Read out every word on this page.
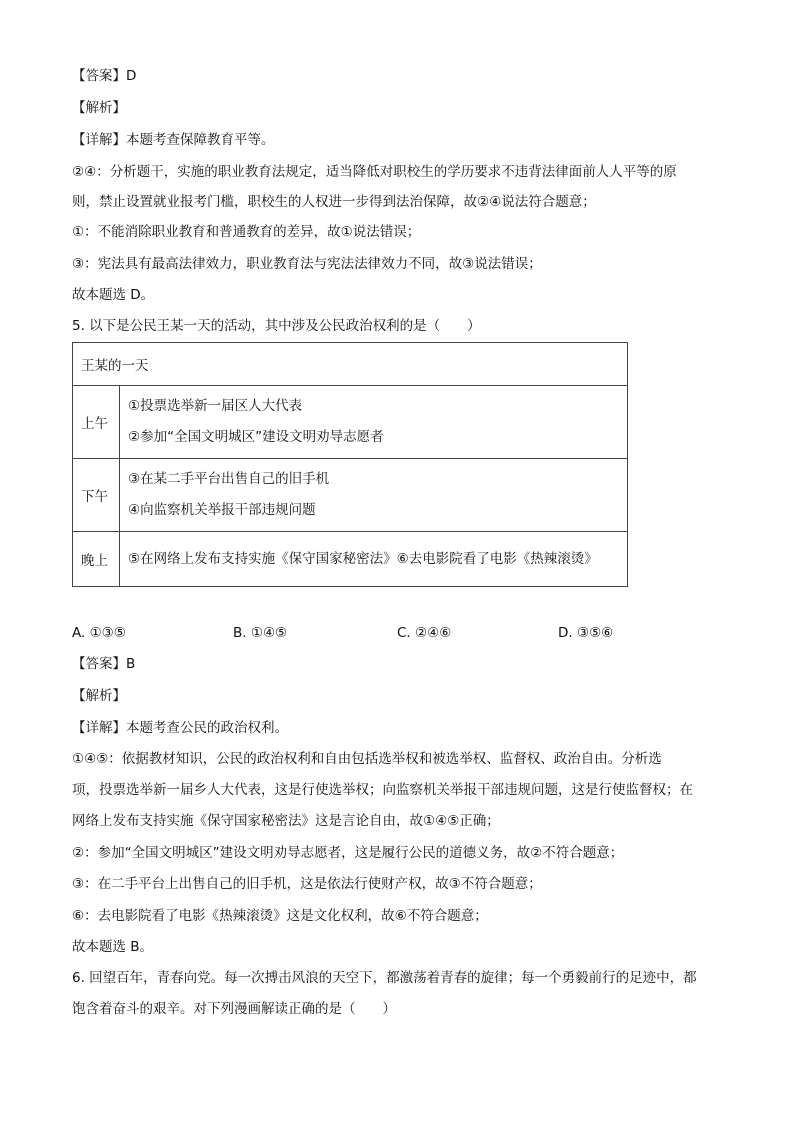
【答案】D
【解析】
【详解】本题考查保障教育平等。
②④：分析题干，实施的职业教育法规定，适当降低对职校生的学历要求不违背法律面前人人平等的原
则，禁止设置就业报考门槛，职校生的人权进一步得到法治保障，故②④说法符合题意；
①：不能消除职业教育和普通教育的差异，故①说法错误；
③：宪法具有最高法律效力，职业教育法与宪法法律效力不同，故③说法错误；
故本题选 D。
5. 以下是公民王某一天的活动，其中涉及公民政治权利的是（　　）
王某的一天	
上午	①投票选举新一届区人大代表
②参加“全国文明城区”建设文明劝导志愿者

下午	③在某二手平台出售自己的旧手机
④向监察机关举报干部违规问题

晚上	⑤在网络上发布支持实施《保守国家秘密法》⑥去电影院看了电影《热辣滚烫》
A. ①③⑤	B. ①④⑤	C. ②④⑥	D. ③⑤⑥
【答案】B
【解析】
【详解】本题考查公民的政治权利。
①④⑤：依据教材知识，公民的政治权利和自由包括选举权和被选举权、监督权、政治自由。分析选
项，投票选举新一届乡人大代表，这是行使选举权；向监察机关举报干部违规问题，这是行使监督权；在
网络上发布支持实施《保守国家秘密法》这是言论自由，故①④⑤正确；
②：参加“全国文明城区”建设文明劝导志愿者，这是履行公民的道德义务，故②不符合题意；
③：在二手平台上出售自己的旧手机，这是依法行使财产权，故③不符合题意；
⑥：去电影院看了电影《热辣滚烫》这是文化权利，故⑥不符合题意；
故本题选 B。
6. 回望百年，青春向党。每一次搏击风浪的天空下，都激荡着青春的旋律；每一个勇毅前行的足迹中，都
饱含着奋斗的艰辛。对下列漫画解读正确的是（　　）
